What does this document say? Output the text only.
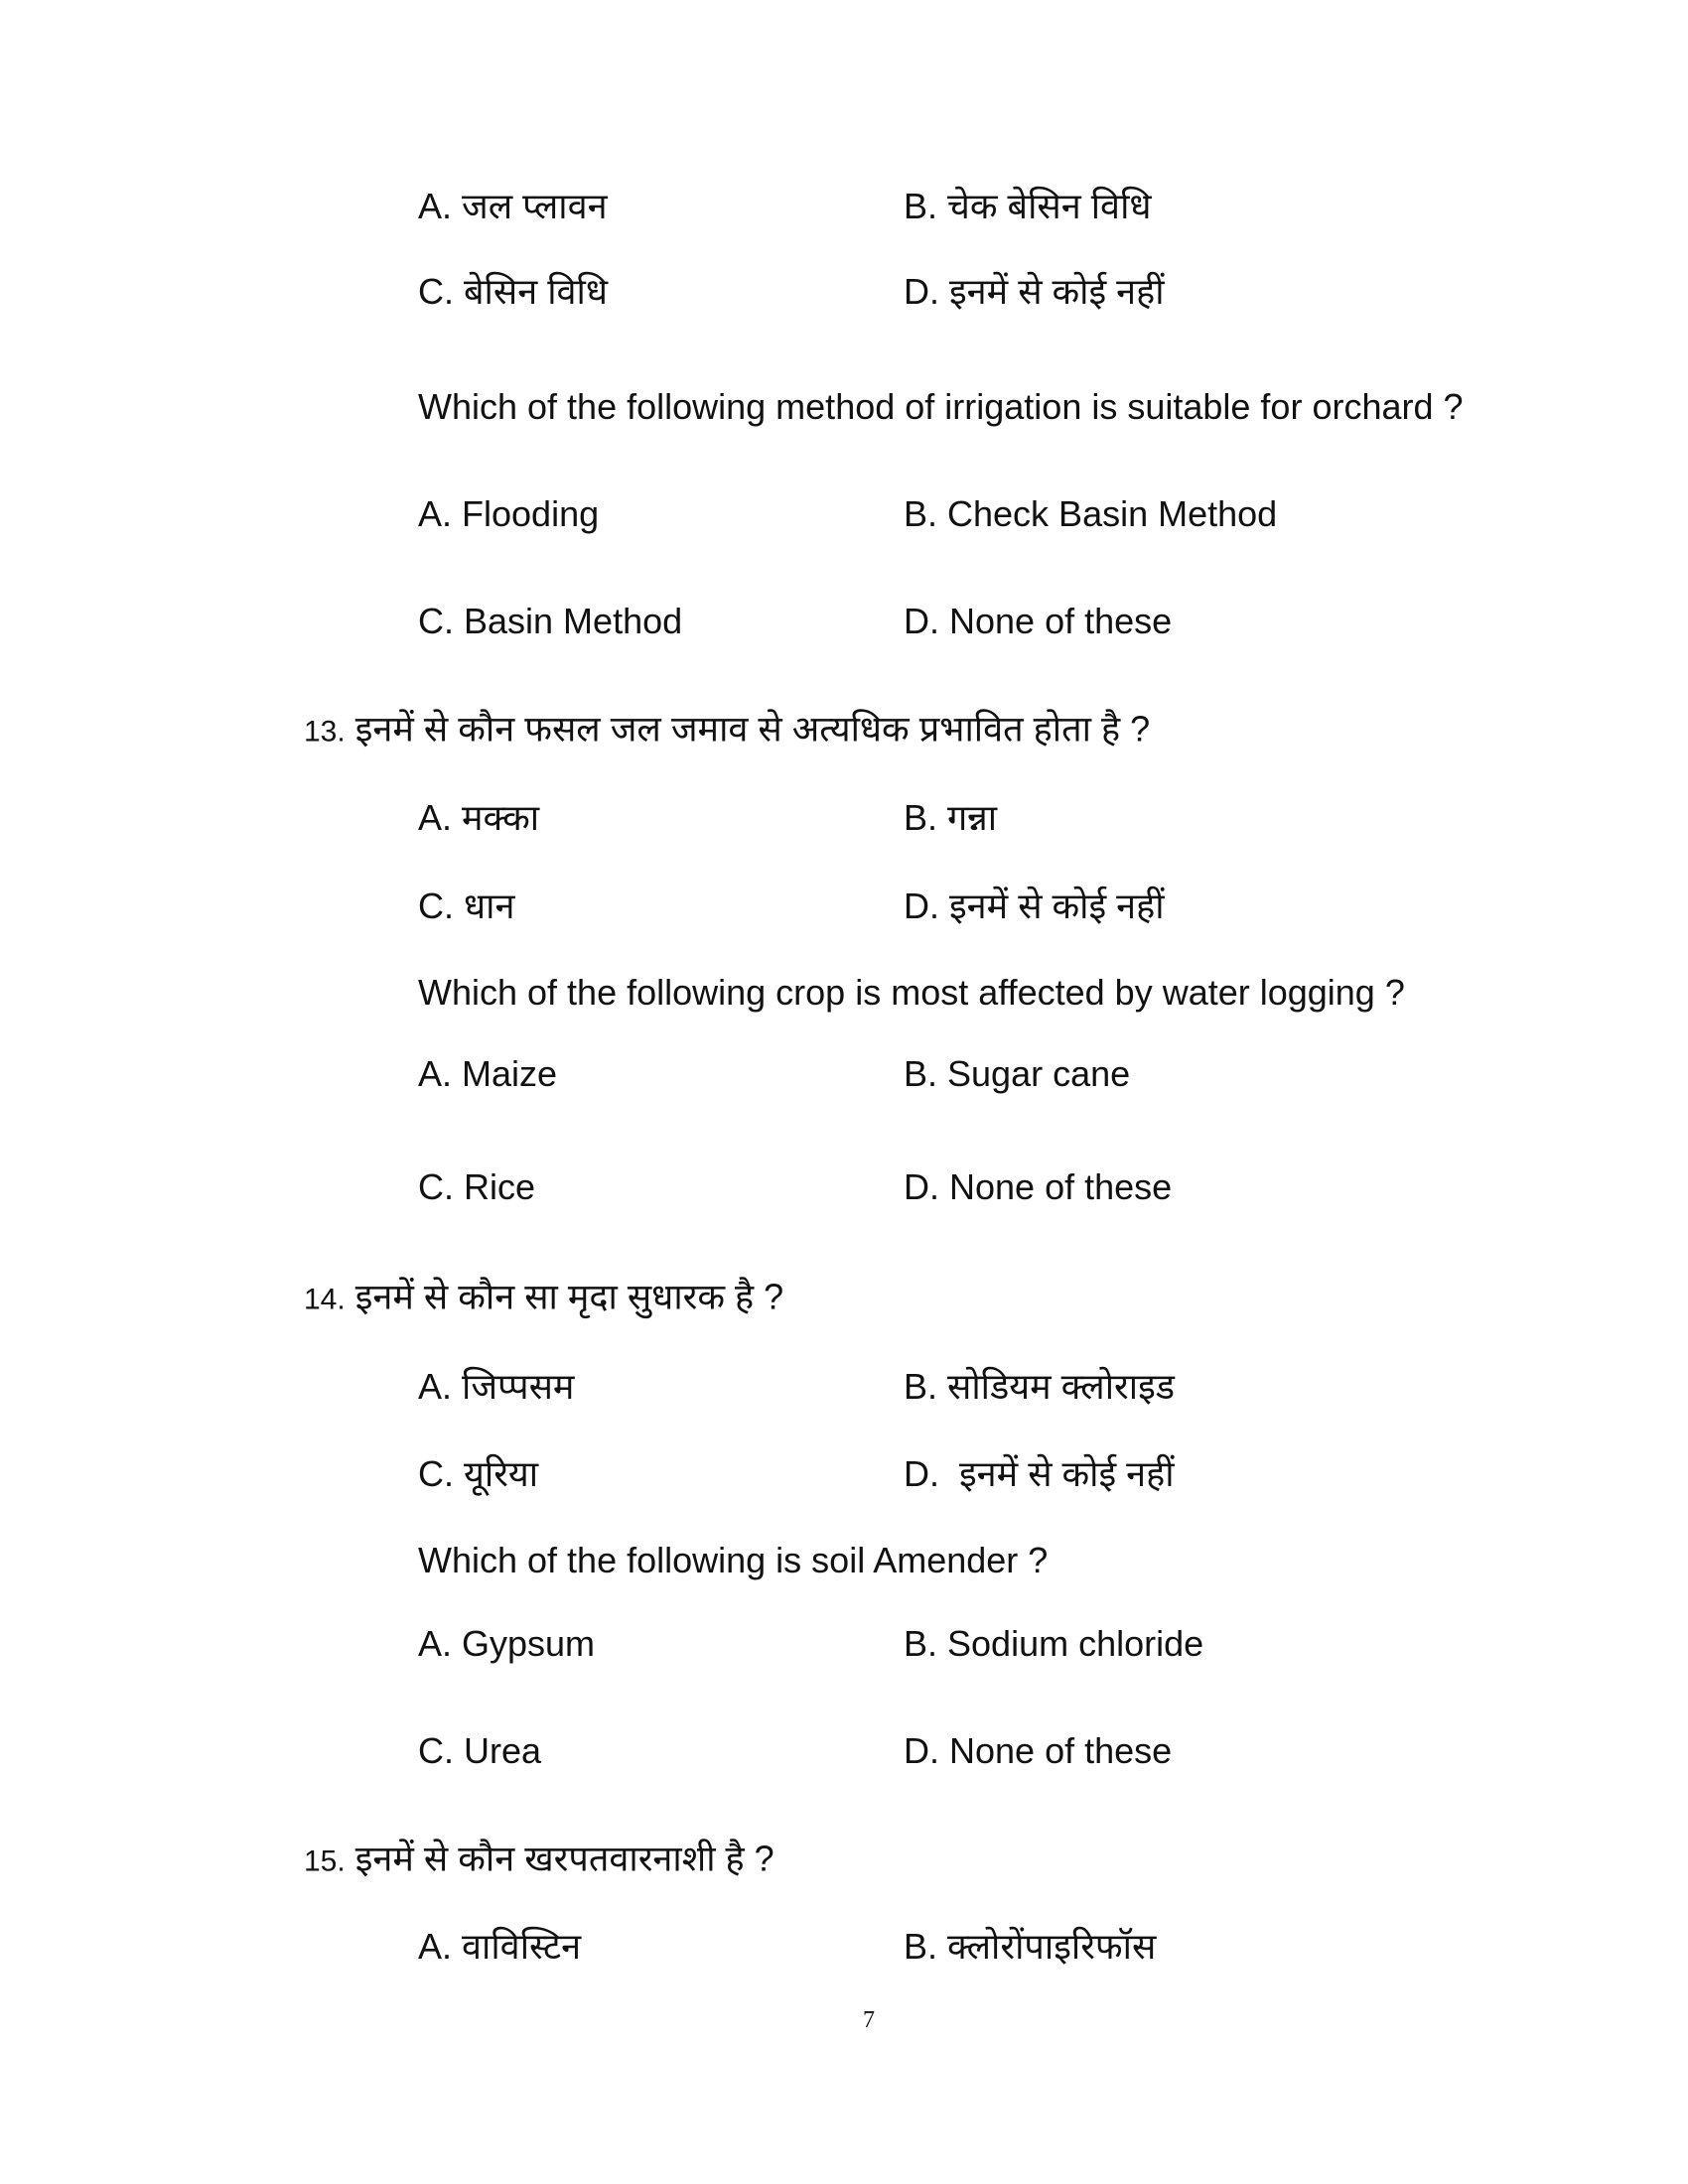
A. जल प्लावन	B. चेक बेसिन विधि
C. बेसिन विधि	D. इनमें से कोई नहीं
Which of the following method of irrigation is suitable for orchard ?
A. Flooding	B. Check Basin Method
C. Basin Method	D. None of these
13. इनमें से कौन फसल जल जमाव से अत्यधिक प्रभावित होता है ?
A. मक्का	B. गन्ना
C. धान	D. इनमें से कोई नहीं
Which of the following crop is most affected by water logging ?
A. Maize	B. Sugar cane
C. Rice	D. None of these
14. इनमें से कौन सा मृदा सुधारक है ?
A. जिप्पसम	B. सोडियम क्लोराइड
C. यूरिया	D.  इनमें से कोई नहीं
Which of the following is soil Amender ?
A. Gypsum	B. Sodium chloride
C. Urea	D. None of these
15. इनमें से कौन खरपतवारनाशी है ?
A. वाविस्टिन	B. क्लोरोंपाइरिफॉस
7
